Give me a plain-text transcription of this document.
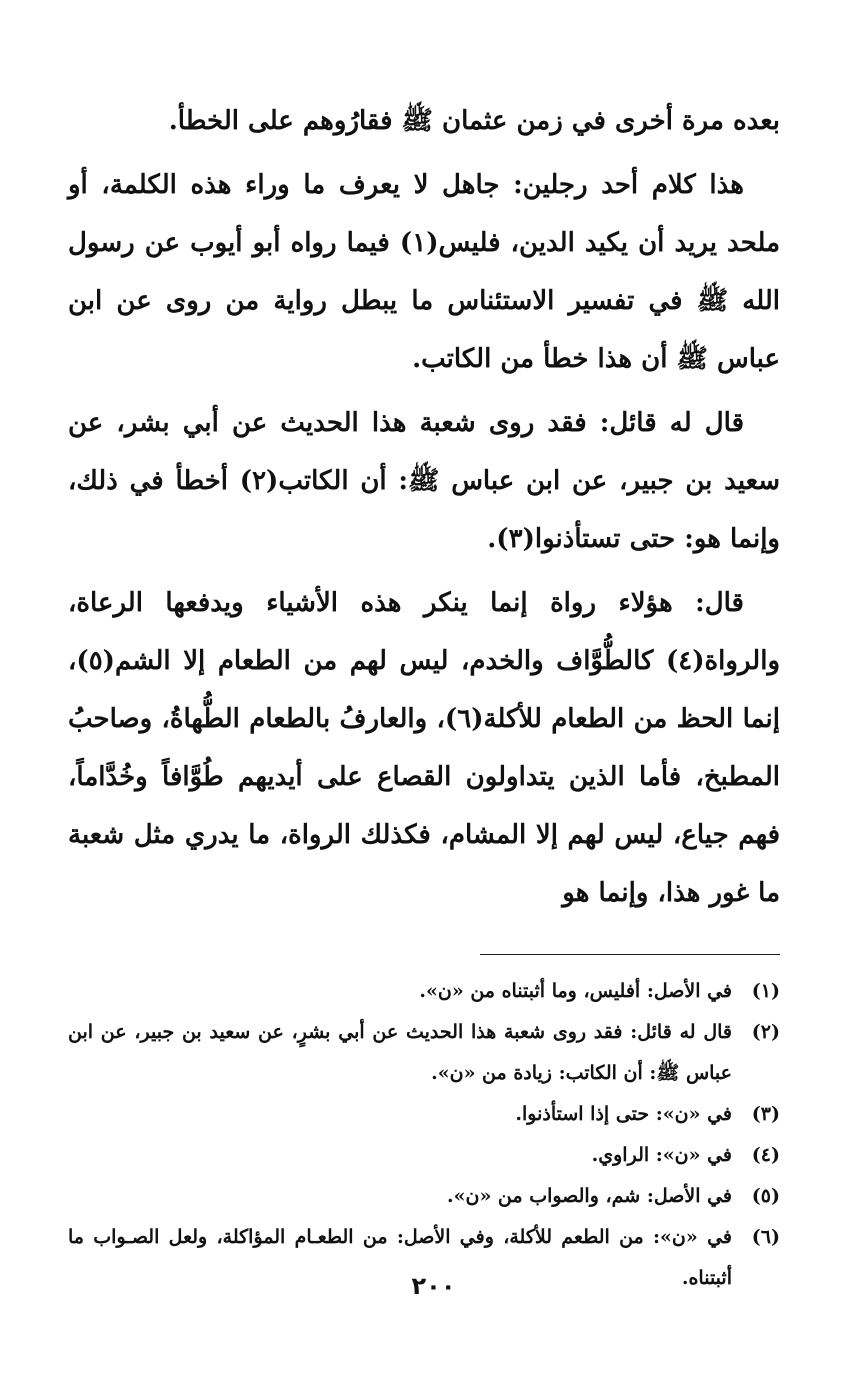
بعده مرة أخرى في زمن عثمان ﷺ فقارُوهم على الخطأ.

هذا كلام أحد رجلين: جاهل لا يعرف ما وراء هذه الكلمة، أو ملحد يريد أن يكيد الدين، فليس(١) فيما رواه أبو أيوب عن رسول الله ﷺ في تفسير الاستئناس ما يبطل رواية من روى عن ابن عباس ﷺ أن هذا خطأ من الكاتب.

قال له قائل: فقد روى شعبة هذا الحديث عن أبي بشر، عن سعيد بن جبير، عن ابن عباس ﷺ: أن الكاتب(٢) أخطأ في ذلك، وإنما هو: حتى تستأذنوا(٣).

قال: هؤلاء رواة إنما ينكر هذه الأشياء ويدفعها الرعاة، والرواة(٤) كالطُّوَّاف والخدم، ليس لهم من الطعام إلا الشم(٥)، إنما الحظ من الطعام للأكلة(٦)، والعارفُ بالطعام الطُّهاةُ، وصاحبُ المطبخ، فأما الذين يتداولون القصاع على أيديهم طُوَّافاً وخُدَّاماً، فهم جياع، ليس لهم إلا المشام، فكذلك الرواة، ما يدري مثل شعبة ما غور هذا، وإنما هو

(١)
في الأصل: أفليس، وما أثبتناه من «ن».
(٢)
قال له قائل: فقد روى شعبة هذا الحديث عن أبي بشرٍ، عن سعيد بن جبير، عن ابن عباس ﷺ: أن الكاتب: زيادة من «ن».
(٣)
في «ن»: حتى إذا استأذنوا.
(٤)
في «ن»: الراوي.
(٥)
في الأصل: شم، والصواب من «ن».
(٦)
في «ن»: من الطعم للأكلة، وفي الأصل: من الطعـام المؤاكلة، ولعل الصـواب ما أثبتناه.
٢٠٠
